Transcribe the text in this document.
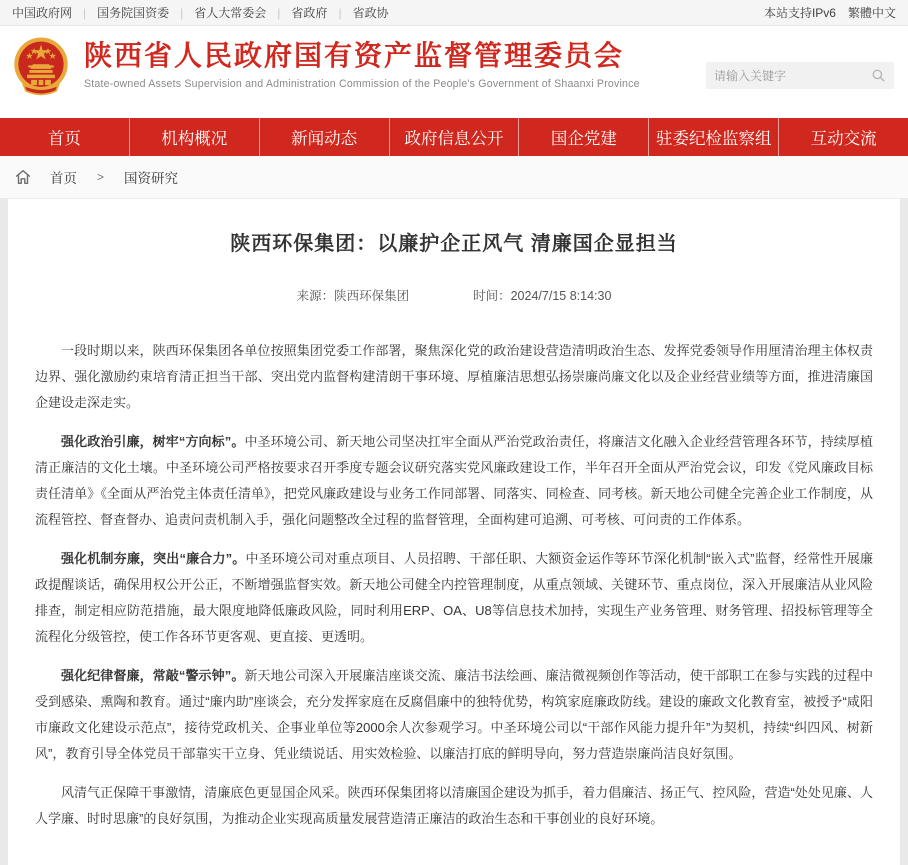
中国政府网 |	国务院国资委 |	省人大常委会 |	省政府 |	省政协	本站支持IPv6 繁體中文
陕西省人民政府国有资产监督管理委员会
State-owned Assets Supervision and Administration Commission of the People's Government of Shaanxi Province
请输入关键字
首页	机构概况	新闻动态	政府信息公开	国企党建	驻委纪检监察组	互动交流
首页 > 国资研究
陕西环保集团：以廉护企正风气 清廉国企显担当
来源：陕西环保集团	时间：2024/7/15 8:14:30

一段时期以来，陕西环保集团各单位按照集团党委工作部署，聚焦深化党的政治建设营造清明政治生态、发挥党委领导作用厘清治理主体权责边界、强化激励约束培育清正担当干部、突出党内监督构建清朗干事环境、厚植廉洁思想弘扬崇廉尚廉文化以及企业经营业绩等方面，推进清廉国企建设走深走实。

强化政治引廉，树牢“方向标”。中圣环境公司、新天地公司坚决扛牢全面从严治党政治责任，将廉洁文化融入企业经营管理各环节，持续厚植清正廉洁的文化土壤。中圣环境公司严格按要求召开季度专题会议研究落实党风廉政建设工作，半年召开全面从严治党会议，印发《党风廉政目标责任清单》《全面从严治党主体责任清单》，把党风廉政建设与业务工作同部署、同落实、同检查、同考核。新天地公司健全完善企业工作制度，从流程管控、督查督办、追责问责机制入手，强化问题整改全过程的监督管理，全面构建可追溯、可考核、可问责的工作体系。

强化机制夯廉，突出“廉合力”。中圣环境公司对重点项目、人员招聘、干部任职、大额资金运作等环节深化机制“嵌入式”监督，经常性开展廉政提醒谈话，确保用权公开公正，不断增强监督实效。新天地公司健全内控管理制度，从重点领域、关键环节、重点岗位，深入开展廉洁从业风险排查，制定相应防范措施，最大限度地降低廉政风险，同时利用ERP、OA、U8等信息技术加持，实现生产业务管理、财务管理、招投标管理等全流程化分级管控，使工作各环节更客观、更直接、更透明。

强化纪律督廉，常敲“警示钟”。新天地公司深入开展廉洁座谈交流、廉洁书法绘画、廉洁微视频创作等活动，使干部职工在参与实践的过程中受到感染、熏陶和教育。通过“廉内助”座谈会，充分发挥家庭在反腐倡廉中的独特优势，构筑家庭廉政防线。建设的廉政文化教育室，被授予“咸阳市廉政文化建设示范点”，接待党政机关、企事业单位等2000余人次参观学习。中圣环境公司以“干部作风能力提升年”为契机，持续“纠四风、树新风”，教育引导全体党员干部靠实干立身、凭业绩说话、用实效检验、以廉洁打底的鲜明导向，努力营造崇廉尚洁良好氛围。

风清气正保障干事激情，清廉底色更显国企风采。陕西环保集团将以清廉国企建设为抓手，着力倡廉洁、扬正气、控风险，营造“处处见廉、人人学廉、时时思廉”的良好氛围，为推动企业实现高质量发展营造清正廉洁的政治生态和干事创业的良好环境。
